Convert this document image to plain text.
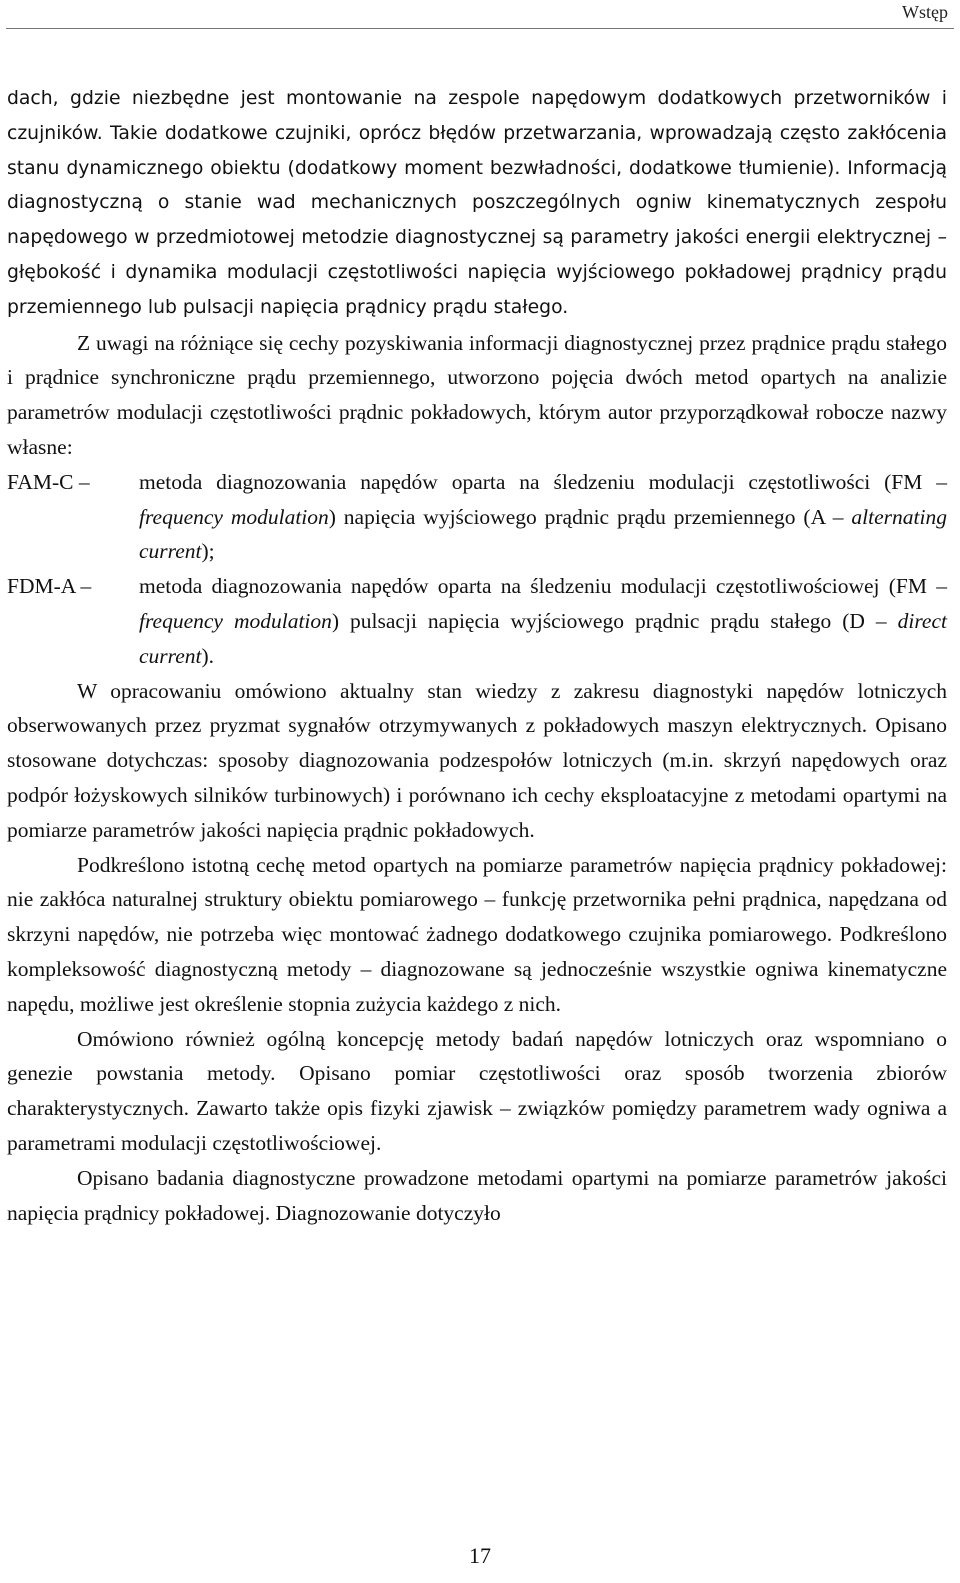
Wstęp

dach, gdzie niezbędne jest montowanie na zespole napędowym dodatkowych przetworników i czujników. Takie dodatkowe czujniki, oprócz błędów przetwarzania, wprowadzają często zakłócenia stanu dynamicznego obiektu (dodatkowy moment bezwładności, dodatkowe tłumienie). Informacją diagnostyczną o stanie wad mechanicznych poszczególnych ogniw kinematycznych zespołu napędowego w przedmiotowej metodzie diagnostycznej są parametry jakości energii elektrycznej – głębokość i dynamika modulacji częstotliwości napięcia wyjściowego pokładowej prądnicy prądu przemiennego lub pulsacji napięcia prądnicy prądu stałego.

Z uwagi na różniące się cechy pozyskiwania informacji diagnostycznej przez prądnice prądu stałego i prądnice synchroniczne prądu przemiennego, utworzono pojęcia dwóch metod opartych na analizie parametrów modulacji częstotliwości prądnic pokładowych, którym autor przyporządkował robocze nazwy własne:

FAM-C –	metoda diagnozowania napędów oparta na śledzeniu modulacji częstotliwości (FM – frequency modulation) napięcia wyjściowego prądnic prądu przemiennego (A – alternating current);
FDM-A –	metoda diagnozowania napędów oparta na śledzeniu modulacji częstotliwościowej (FM – frequency modulation) pulsacji napięcia wyjściowego prądnic prądu stałego (D – direct current).

W opracowaniu omówiono aktualny stan wiedzy z zakresu diagnostyki napędów lotniczych obserwowanych przez pryzmat sygnałów otrzymywanych z pokładowych maszyn elektrycznych. Opisano stosowane dotychczas: sposoby diagnozowania podzespołów lotniczych (m.in. skrzyń napędowych oraz podpór łożyskowych silników turbinowych) i porównano ich cechy eksploatacyjne z metodami opartymi na pomiarze parametrów jakości napięcia prądnic pokładowych.

Podkreślono istotną cechę metod opartych na pomiarze parametrów napięcia prądnicy pokładowej: nie zakłóca naturalnej struktury obiektu pomiarowego – funkcję przetwornika pełni prądnica, napędzana od skrzyni napędów, nie potrzeba więc montować żadnego dodatkowego czujnika pomiarowego. Podkreślono kompleksowość diagnostyczną metody – diagnozowane są jednocześnie wszystkie ogniwa kinematyczne napędu, możliwe jest określenie stopnia zużycia każdego z nich.

Omówiono również ogólną koncepcję metody badań napędów lotniczych oraz wspomniano o genezie powstania metody. Opisano pomiar częstotliwości oraz sposób tworzenia zbiorów charakterystycznych. Zawarto także opis fizyki zjawisk – związków pomiędzy parametrem wady ogniwa a parametrami modulacji częstotliwościowej.

Opisano badania diagnostyczne prowadzone metodami opartymi na pomiarze parametrów jakości napięcia prądnicy pokładowej. Diagnozowanie dotyczyło

17
